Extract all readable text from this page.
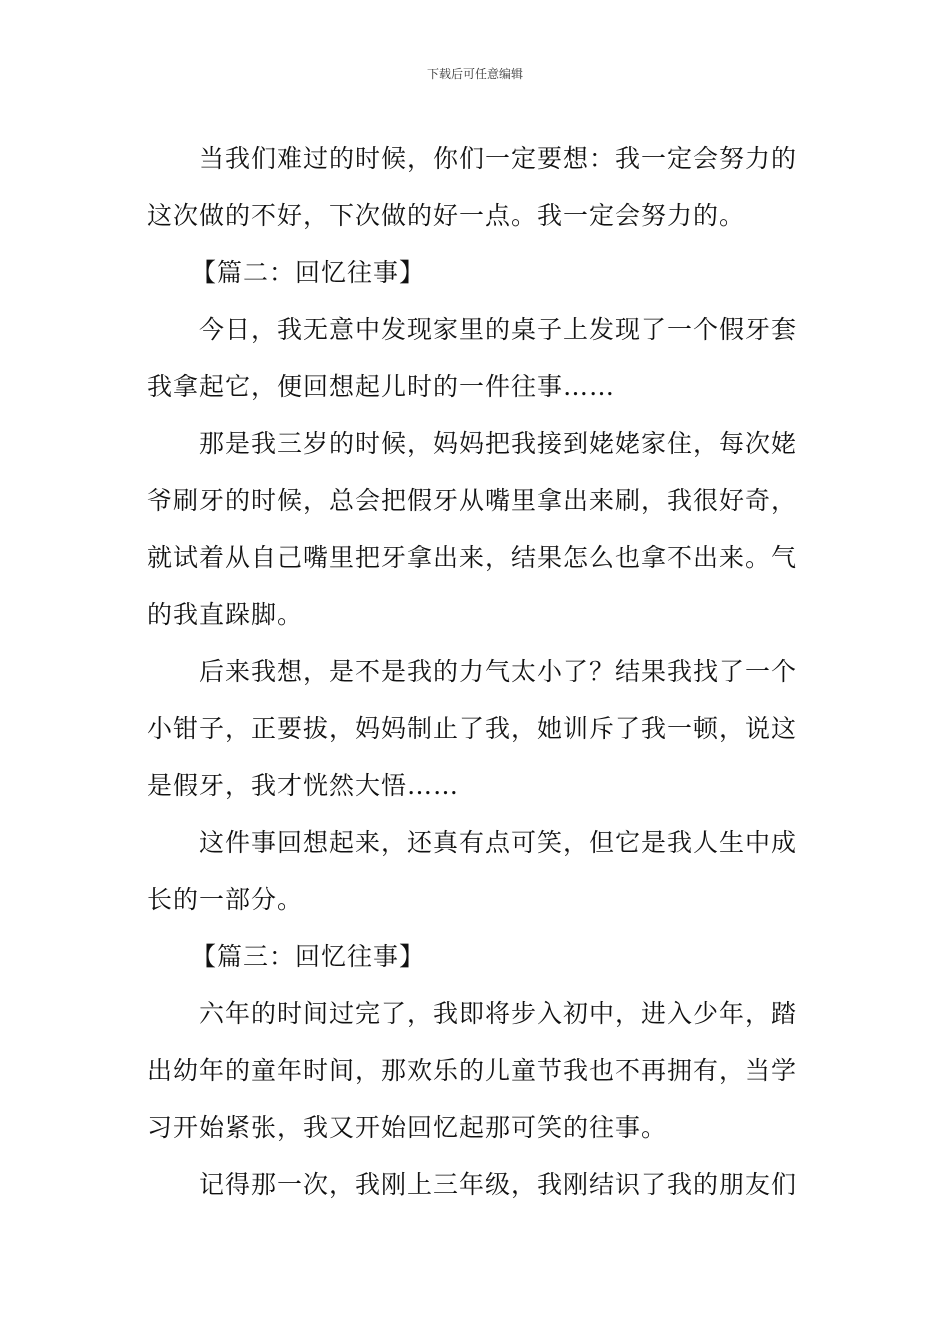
下载后可任意编辑

当我们难过的时候，你们一定要想：我一定会努力的这次做的不好，下次做的好一点。我一定会努力的。

【篇二：回忆往事】

今日，我无意中发现家里的桌子上发现了一个假牙套我拿起它，便回想起儿时的一件往事……

那是我三岁的时候，妈妈把我接到姥姥家住，每次姥爷刷牙的时候，总会把假牙从嘴里拿出来刷，我很好奇，就试着从自己嘴里把牙拿出来，结果怎么也拿不出来。气的我直跺脚。

后来我想，是不是我的力气太小了？结果我找了一个小钳子，正要拔，妈妈制止了我，她训斥了我一顿，说这是假牙，我才恍然大悟……

这件事回想起来，还真有点可笑，但它是我人生中成长的一部分。

【篇三：回忆往事】

六年的时间过完了，我即将步入初中，进入少年，踏出幼年的童年时间，那欢乐的儿童节我也不再拥有，当学习开始紧张，我又开始回忆起那可笑的往事。

记得那一次，我刚上三年级，我刚结识了我的朋友们
